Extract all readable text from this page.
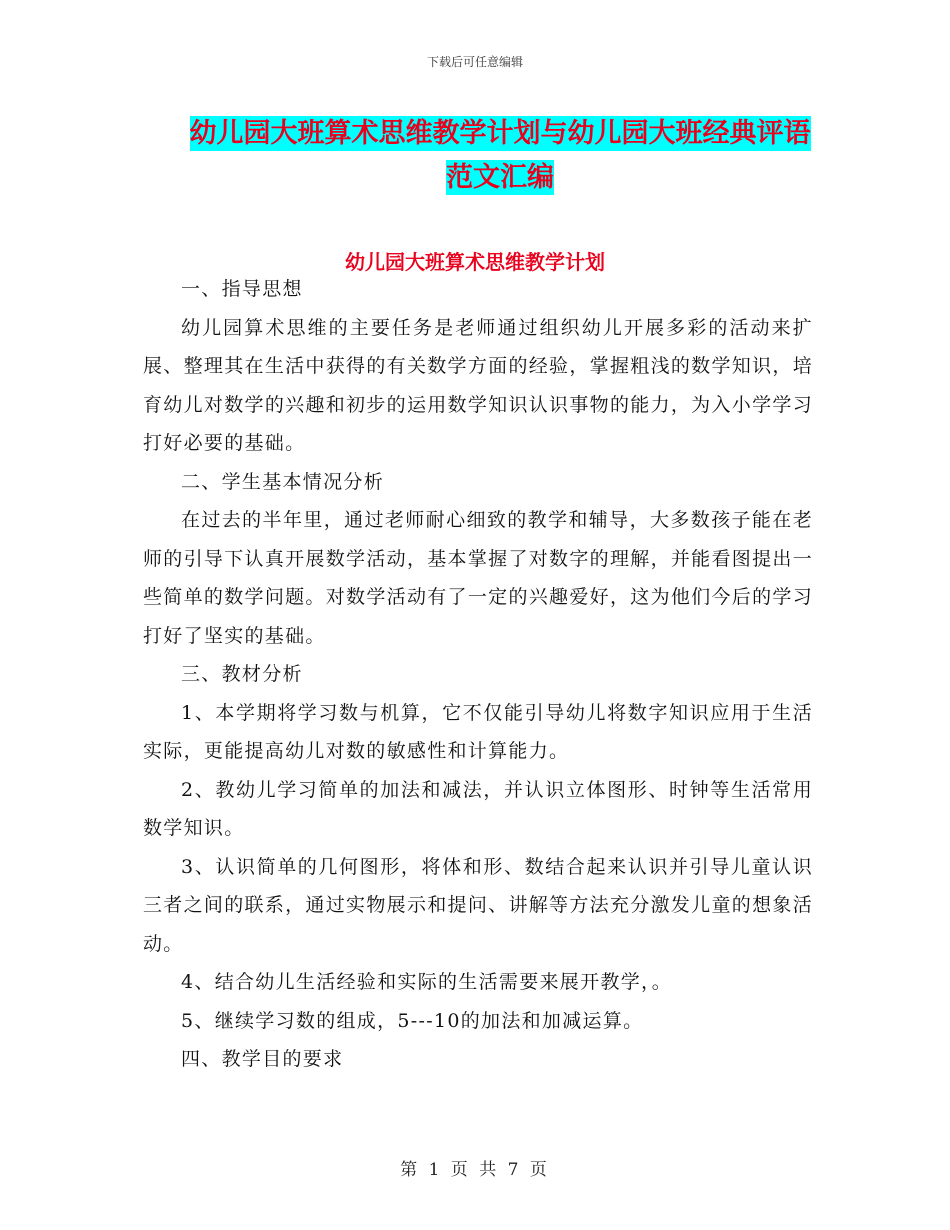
下载后可任意编辑
幼儿园大班算术思维教学计划与幼儿园大班经典评语
范文汇编
幼儿园大班算术思维教学计划

一、指导思想

幼儿园算术思维的主要任务是老师通过组织幼儿开展多彩的活动来扩展、整理其在生活中获得的有关数学方面的经验，掌握粗浅的数学知识，培育幼儿对数学的兴趣和初步的运用数学知识认识事物的能力，为入小学学习打好必要的基础。

二、学生基本情况分析

在过去的半年里，通过老师耐心细致的教学和辅导，大多数孩子能在老师的引导下认真开展数学活动，基本掌握了对数字的理解，并能看图提出一些简单的数学问题。对数学活动有了一定的兴趣爱好，这为他们今后的学习打好了坚实的基础。

三、教材分析

1、本学期将学习数与机算，它不仅能引导幼儿将数字知识应用于生活实际，更能提高幼儿对数的敏感性和计算能力。

2、教幼儿学习简单的加法和减法，并认识立体图形、时钟等生活常用数学知识。

3、认识简单的几何图形，将体和形、数结合起来认识并引导儿童认识三者之间的联系，通过实物展示和提问、讲解等方法充分激发儿童的想象活动。

4、结合幼儿生活经验和实际的生活需要来展开教学，。

5、继续学习数的组成，5---10的加法和加减运算。

四、教学目的要求

第 1 页 共 7 页
